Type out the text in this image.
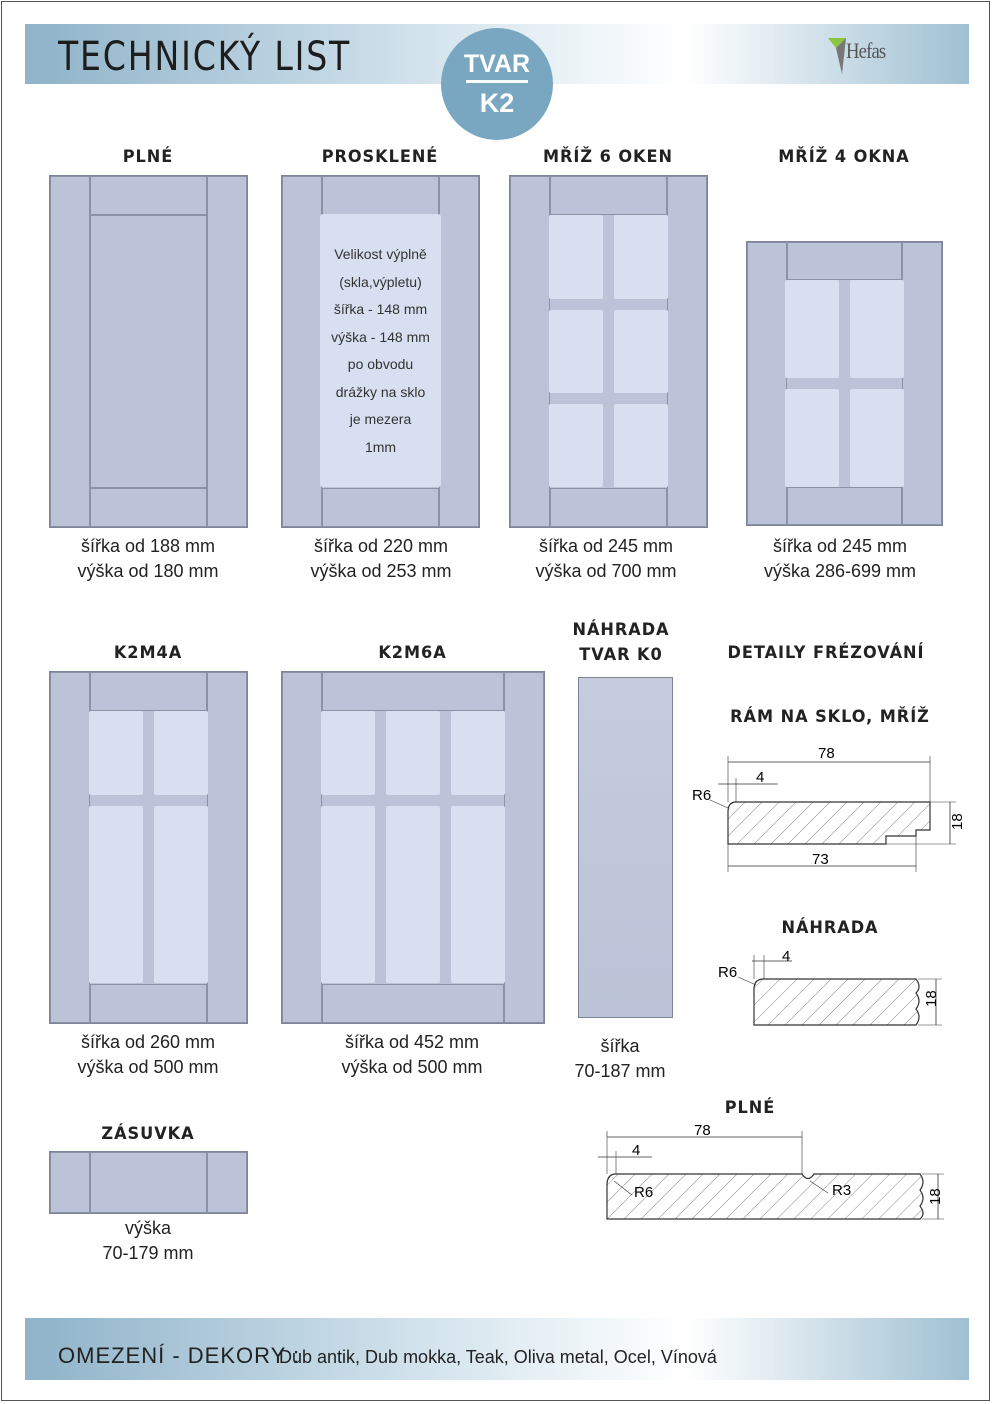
TECHNICKÝ LIST	TVAR
K2
Hefas
PLNÉ	PROSKLENÉ	MŘÍŽ 6 OKEN	MŘÍŽ 4 OKNA
Velikost výplně
(skla,výpletu)
šířka - 148 mm
výška - 148 mm
po obvodu
drážky na sklo
je mezera
1mm
šířka od 188 mm
výška od 180 mm
šířka od 220 mm
výška od 253 mm
šířka od 245 mm
výška od 700 mm
šířka od 245 mm
výška 286-699 mm
K2M4A	K2M6A
NÁHRADA
TVAR K0	DETAILY FRÉZOVÁNÍ
šířka od 260 mm
výška od 500 mm
šířka od 452 mm
výška od 500 mm
šířka
70-187 mm
ZÁSUVKA
výška
70-179 mm
RÁM NA SKLO, MŘÍŽ
78
4
R6
73
18
NÁHRADA
4
R6
18
PLNÉ
78
4
R6	R3	18
OMEZENÍ - DEKORY :
Dub antik, Dub mokka, Teak, Oliva metal, Ocel, Vínová
